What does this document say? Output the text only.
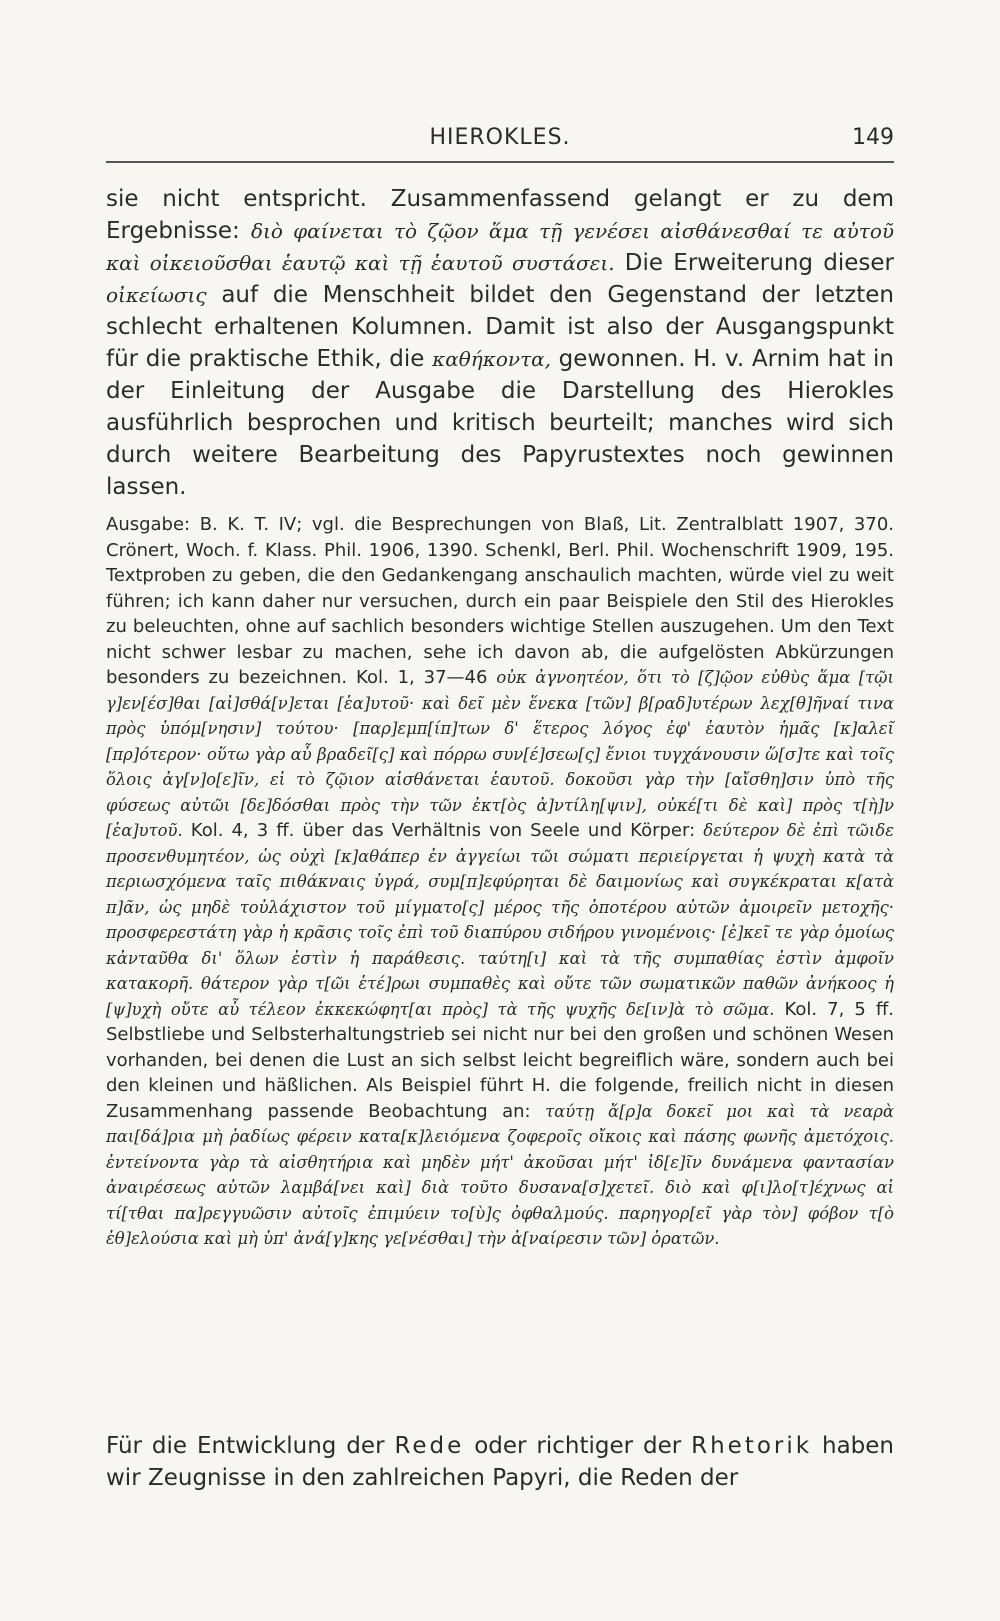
HIEROKLES.	149

sie nicht entspricht. Zusammenfassend gelangt er zu dem Ergebnisse: διὸ φαίνεται τὸ ζῷον ἅμα τῇ γενέσει αἰσθάνεσθαί τε αὐτοῦ καὶ οἰκειοῦσθαι ἑαυτῷ καὶ τῇ ἑαυτοῦ συστάσει. Die Erweiterung dieser οἰκείωσις auf die Menschheit bildet den Gegenstand der letzten schlecht erhaltenen Kolumnen. Damit ist also der Ausgangspunkt für die praktische Ethik, die καθήκοντα, gewonnen. H. v. Arnim hat in der Einleitung der Ausgabe die Darstellung des Hierokles ausführlich besprochen und kritisch beurteilt; manches wird sich durch weitere Bearbeitung des Papyrustextes noch gewinnen lassen.

Ausgabe: B. K. T. IV; vgl. die Besprechungen von Blaß, Lit. Zentralblatt 1907, 370. Crönert, Woch. f. Klass. Phil. 1906, 1390. Schenkl, Berl. Phil. Wochenschrift 1909, 195. Textproben zu geben, die den Gedankengang anschaulich machten, würde viel zu weit führen; ich kann daher nur versuchen, durch ein paar Beispiele den Stil des Hierokles zu beleuchten, ohne auf sachlich besonders wichtige Stellen auszugehen. Um den Text nicht schwer lesbar zu machen, sehe ich davon ab, die aufgelösten Abkürzungen besonders zu bezeichnen. Kol. 1, 37—46 οὐκ ἀγνοητέον, ὅτι τὸ [ζ]ῷον εὐθὺς ἅμα [τῷι γ]εν[έσ]θαι [αἰ]σθά[ν]εται [ἑα]υτοῦ· καὶ δεῖ μὲν ἕνεκα [τῶν] β[ραδ]υτέρων λεχ[θ]ῆναί τινα πρὸς ὑπόμ[νησιν] τούτου· [παρ]εμπ[ίπ]των δ' ἕτερος λόγος ἐφ' ἑαυτὸν ἡμᾶς [κ]αλεῖ [πρ]ότερον· οὕτω γὰρ αὖ βραδεῖ[ς] καὶ πόρρω συν[έ]σεω[ς] ἔνιοι τυγχάνουσιν ὥ[σ]τε καὶ τοῖς ὅλοις ἀγ[ν]ο[ε]ῖν, εἰ τὸ ζῷιον αἰσθάνεται ἑαυτοῦ. δοκοῦσι γὰρ τὴν [αἴσθη]σιν ὑπὸ τῆς φύσεως αὐτῶι [δε]δόσθαι πρὸς τὴν τῶν ἐκτ[ὸς ἀ]ντίλη[ψιν], οὐκέ[τι δὲ καὶ] πρὸς τ[ὴ]ν [ἑα]υτοῦ. Kol. 4, 3 ff. über das Verhältnis von Seele und Körper: δεύτερον δὲ ἐπὶ τῶιδε προσενθυμητέον, ὡς οὐχὶ [κ]αθάπερ ἐν ἀγγείωι τῶι σώματι περιείργεται ἡ ψυχὴ κατὰ τὰ περιωσχόμενα ταῖς πιθάκναις ὑγρά, συμ[π]εφύρηται δὲ δαιμονίως καὶ συγκέκραται κ[ατὰ π]ᾶν, ὡς μηδὲ τοὐλάχιστον τοῦ μίγματο[ς] μέρος τῆς ὁποτέρου αὐτῶν ἀμοιρεῖν μετοχῆς· προσφερεστάτη γὰρ ἡ κρᾶσις τοῖς ἐπὶ τοῦ διαπύρου σιδήρου γινομένοις· [ἐ]κεῖ τε γὰρ ὁμοίως κἀνταῦθα δι' ὅλων ἐστὶν ἡ παράθεσις. ταύτη[ι] καὶ τὰ τῆς συμπαθίας ἐστὶν ἀμφοῖν κατακορῆ. θάτερον γὰρ τ[ῶι ἑτέ]ρωι συμπαθὲς καὶ οὔτε τῶν σωματικῶν παθῶν ἀνήκοος ἡ [ψ]υχὴ οὔτε αὖ τέλεον ἐκκεκώφητ[αι πρὸς] τὰ τῆς ψυχῆς δε[ιν]ὰ τὸ σῶμα. Kol. 7, 5 ff. Selbstliebe und Selbsterhaltungstrieb sei nicht nur bei den großen und schönen Wesen vorhanden, bei denen die Lust an sich selbst leicht begreiflich wäre, sondern auch bei den kleinen und häßlichen. Als Beispiel führt H. die folgende, freilich nicht in diesen Zusammenhang passende Beobachtung an: ταύτῃ ἄ[ρ]α δοκεῖ μοι καὶ τὰ νεαρὰ παι[δά]ρια μὴ ῥαδίως φέρειν κατα[κ]λειόμενα ζοφεροῖς οἴκοις καὶ πάσης φωνῆς ἀμετόχοις. ἐντείνοντα γὰρ τὰ αἰσθητήρια καὶ μηδὲν μήτ' ἀκοῦσαι μήτ' ἰδ[ε]ῖν δυνάμενα φαντασίαν ἀναιρέσεως αὐτῶν λαμβά[νει καὶ] διὰ τοῦτο δυσανα[σ]χετεῖ. διὸ καὶ φ[ι]λο[τ]έχνως αἱ τί[τθαι πα]ρεγγυῶσιν αὐτοῖς ἐπιμύειν το[ὺ]ς ὀφθαλμούς. παρηγορ[εῖ γὰρ τὸν] φόβον τ[ὸ ἐθ]ελούσια καὶ μὴ ὑπ' ἀνά[γ]κης γε[νέσθαι] τὴν ἀ[ναίρεσιν τῶν] ὁρατῶν.

Für die Entwicklung der Rede oder richtiger der Rhetorik haben wir Zeugnisse in den zahlreichen Papyri, die Reden der
